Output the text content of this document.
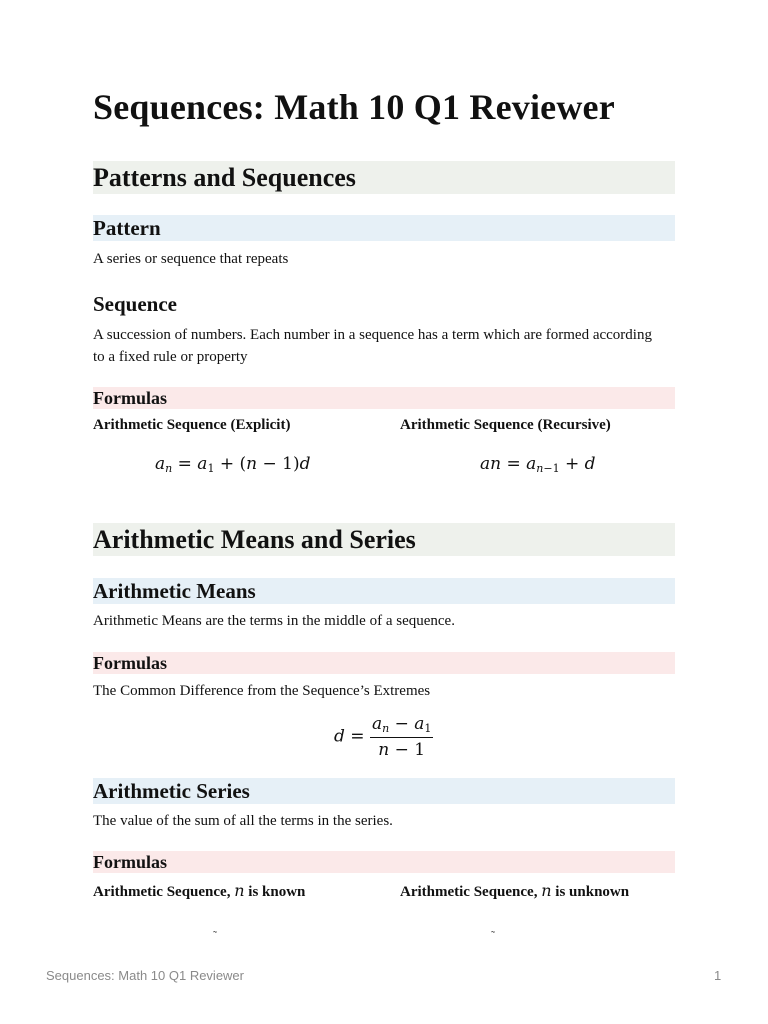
Sequences: Math 10 Q1 Reviewer
Patterns and Sequences
Pattern
A series or sequence that repeats
Sequence
A succession of numbers. Each number in a sequence has a term which are formed according
to a fixed rule or property
Formulas
Arithmetic Sequence (Explicit)	Arithmetic Sequence (Recursive)
$a_n = a_1 + (n - 1)d$	an = $a_{n-1} + d$
Arithmetic Means and Series
Arithmetic Means
Arithmetic Means are the terms in the middle of a sequence.
Formulas
The Common Difference from the Sequence’s Extremes
$d = \frac{a_n - a_1}{n - 1}$
Arithmetic Series
The value of the sum of all the terms in the series.
Formulas
Arithmetic Sequence, n is known	Arithmetic Sequence, n is unknown
˜	˜
Sequences: Math 10 Q1 Reviewer	1
